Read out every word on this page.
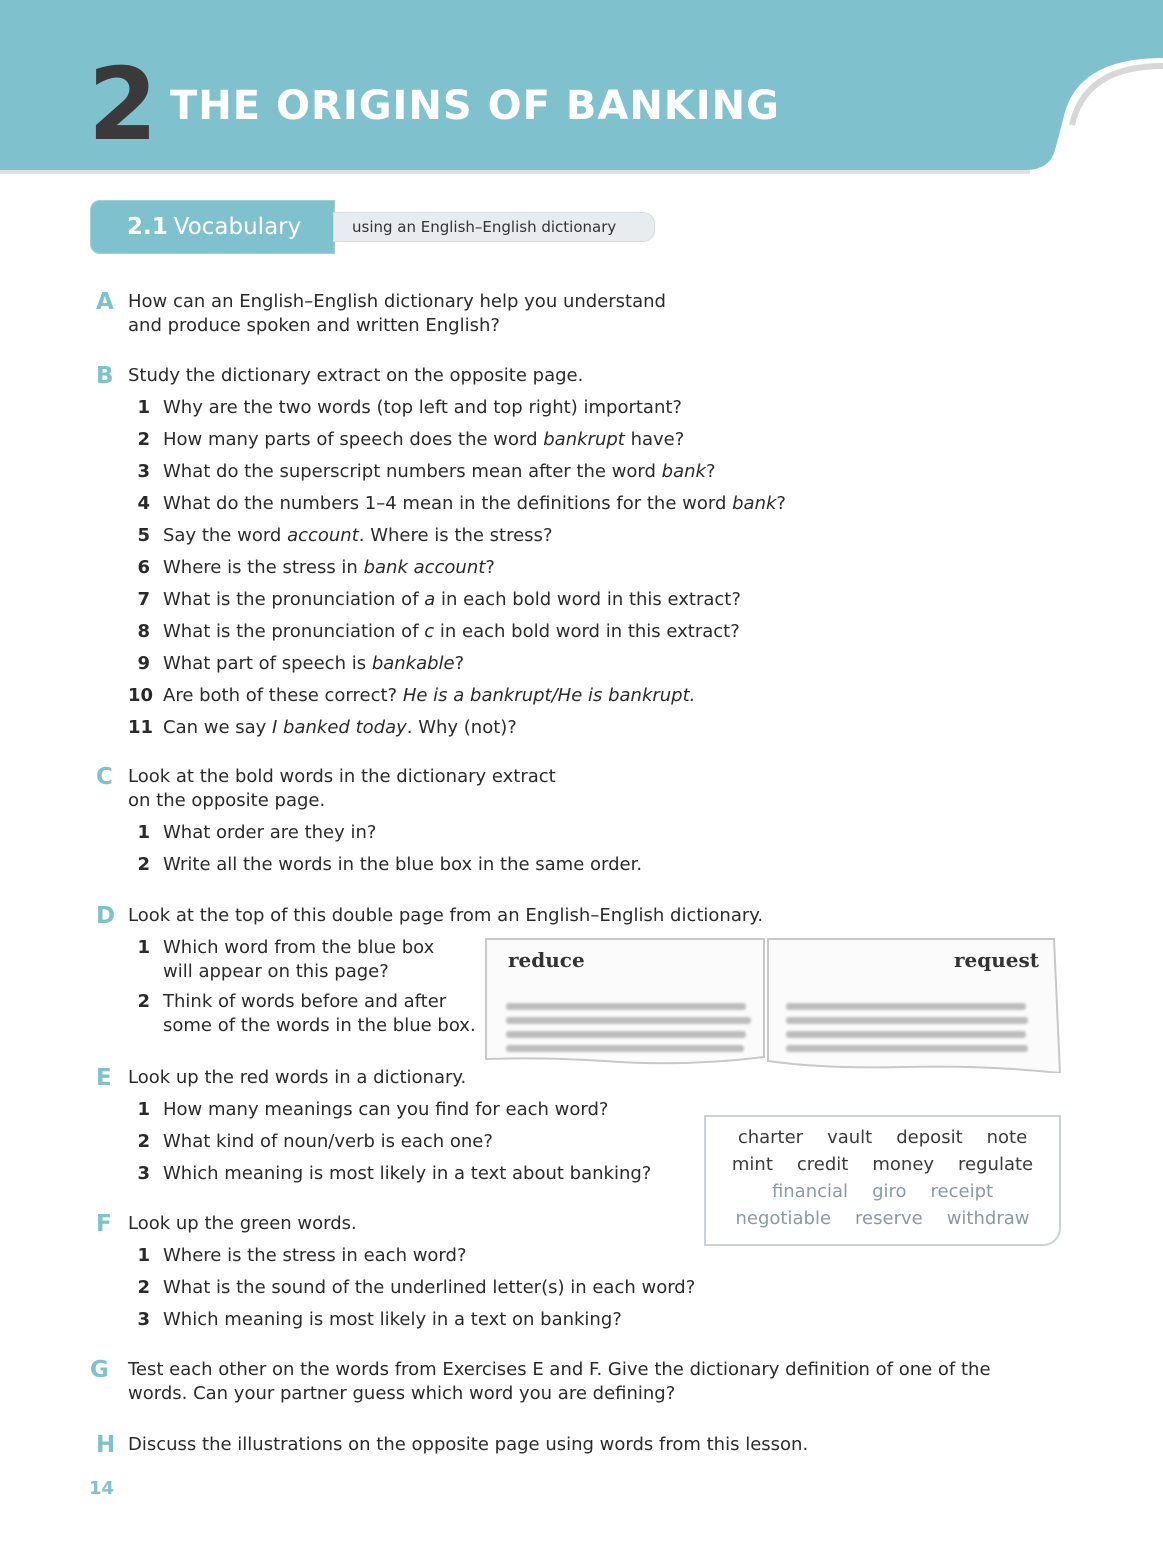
2 THE ORIGINS OF BANKING
2.1 Vocabulary	using an English–English dictionary
A How can an English–English dictionary help you understand
and produce spoken and written English?
B Study the dictionary extract on the opposite page.
1 Why are the two words (top left and top right) important?
2 How many parts of speech does the word bankrupt have?
3 What do the superscript numbers mean after the word bank?
4 What do the numbers 1–4 mean in the definitions for the word bank?
5 Say the word account. Where is the stress?
6 Where is the stress in bank account?
7 What is the pronunciation of a in each bold word in this extract?
8 What is the pronunciation of c in each bold word in this extract?
9 What part of speech is bankable?
10 Are both of these correct? He is a bankrupt/He is bankrupt.
11 Can we say I banked today. Why (not)?
C Look at the bold words in the dictionary extract
on the opposite page.
1 What order are they in?
2 Write all the words in the blue box in the same order.
D Look at the top of this double page from an English–English dictionary.
1 Which word from the blue box
will appear on this page?
2 Think of words before and after
some of the words in the blue box.
reduce	request
E Look up the red words in a dictionary.
1 How many meanings can you find for each word?
2 What kind of noun/verb is each one?
3 Which meaning is most likely in a text about banking?
charter vault deposit note
mint credit money regulate
financial giro receipt
negotiable reserve withdraw
F Look up the green words.
1 Where is the stress in each word?
2 What is the sound of the underlined letter(s) in each word?
3 Which meaning is most likely in a text on banking?
G Test each other on the words from Exercises E and F. Give the dictionary definition of one of the
words. Can your partner guess which word you are defining?
H Discuss the illustrations on the opposite page using words from this lesson.
14
